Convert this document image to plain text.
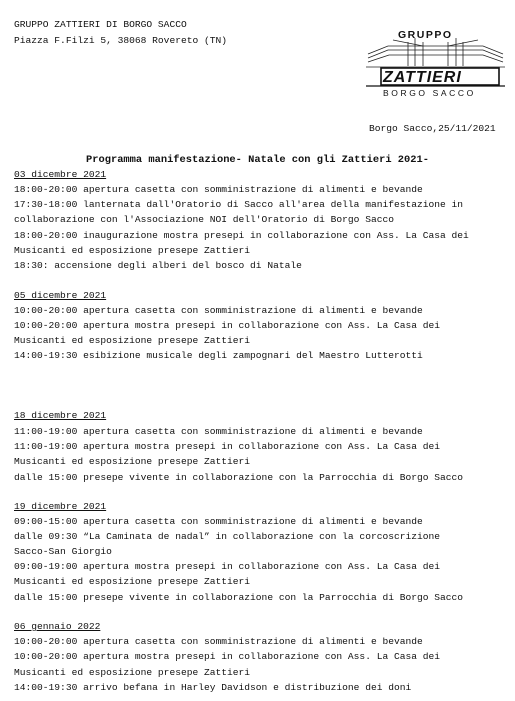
GRUPPO ZATTIERI DI BORGO SACCO
Piazza F.Filzi 5, 38068 Rovereto (TN)	GRUPPO
ZATTIERI
BORGO SACCO
Borgo Sacco,25/11/2021
Programma manifestazione- Natale con gli Zattieri 2021-
03 dicembre 2021
18:00-20:00 apertura casetta con somministrazione di alimenti e bevande
17:30-18:00 lanternata dall'Oratorio di Sacco all'area della manifestazione in
collaborazione con l'Associazione NOI dell'Oratorio di Borgo Sacco
18:00-20:00 inaugurazione mostra presepi in collaborazione con Ass. La Casa dei
Musicanti ed esposizione presepe Zattieri
18:30: accensione degli alberi del bosco di Natale
05 dicembre 2021
10:00-20:00 apertura casetta con somministrazione di alimenti e bevande
10:00-20:00 apertura mostra presepi in collaborazione con Ass. La Casa dei
Musicanti ed esposizione presepe Zattieri
14:00-19:30 esibizione musicale degli zampognari del Maestro Lutterotti
18 dicembre 2021
11:00-19:00 apertura casetta con somministrazione di alimenti e bevande
11:00-19:00 apertura mostra presepi in collaborazione con Ass. La Casa dei
Musicanti ed esposizione presepe Zattieri
dalle 15:00 presepe vivente in collaborazione con la Parrocchia di Borgo Sacco
19 dicembre 2021
09:00-15:00 apertura casetta con somministrazione di alimenti e bevande
dalle 09:30 “La Caminata de nadal” in collaborazione con la corcoscrizione
Sacco-San Giorgio
09:00-19:00 apertura mostra presepi in collaborazione con Ass. La Casa dei
Musicanti ed esposizione presepe Zattieri
dalle 15:00 presepe vivente in collaborazione con la Parrocchia di Borgo Sacco
06 gennaio 2022
10:00-20:00 apertura casetta con somministrazione di alimenti e bevande
10:00-20:00 apertura mostra presepi in collaborazione con Ass. La Casa dei
Musicanti ed esposizione presepe Zattieri
14:00-19:30 arrivo befana in Harley Davidson e distribuzione dei doni
